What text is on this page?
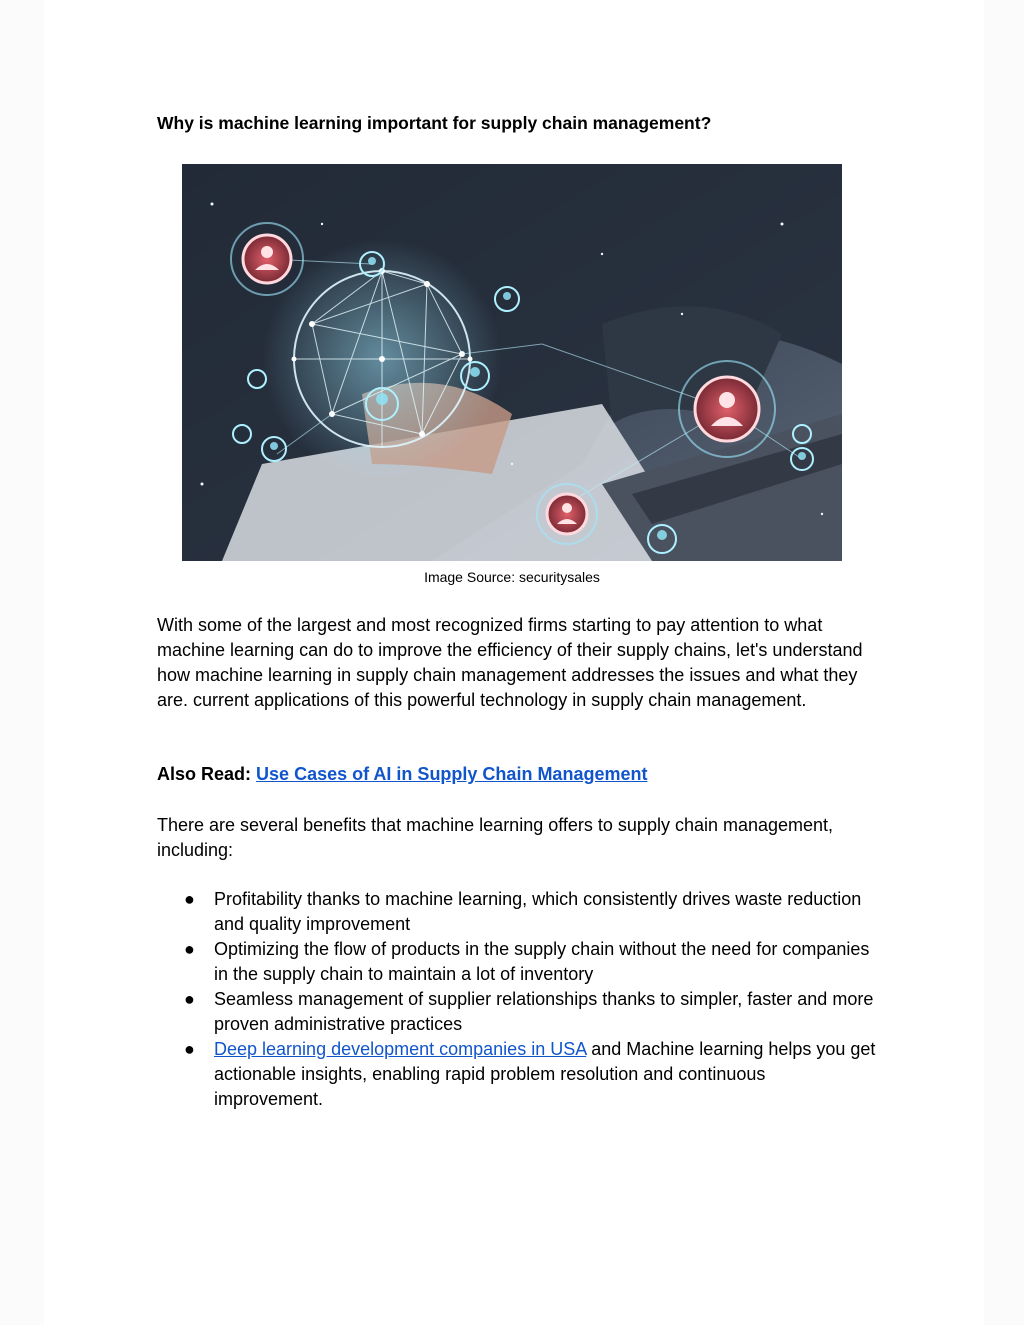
Why is machine learning important for supply chain management?
Image Source: securitysales

With some of the largest and most recognized firms starting to pay attention to what machine learning can do to improve the efficiency of their supply chains, let's understand how machine learning in supply chain management addresses the issues and what they are. current applications of this powerful technology in supply chain management.

Also Read: Use Cases of AI in Supply Chain Management

There are several benefits that machine learning offers to supply chain management, including:

● Profitability thanks to machine learning, which consistently drives waste reduction and quality improvement
● Optimizing the flow of products in the supply chain without the need for companies in the supply chain to maintain a lot of inventory
● Seamless management of supplier relationships thanks to simpler, faster and more proven administrative practices
● Deep learning development companies in USA and Machine learning helps you get actionable insights, enabling rapid problem resolution and continuous improvement.
